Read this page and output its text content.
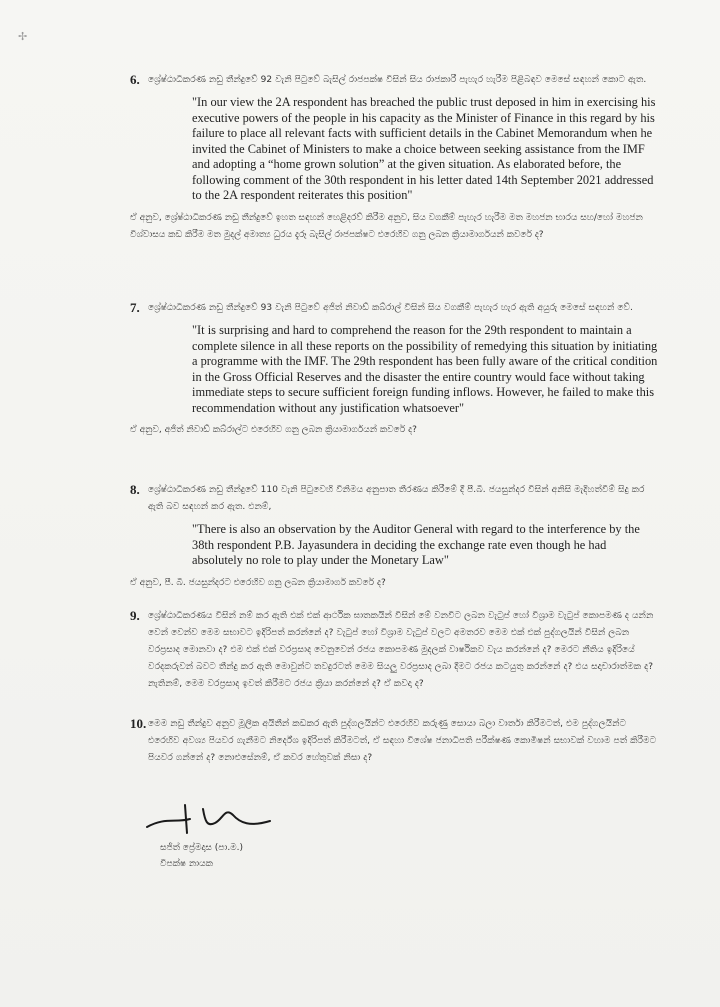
✢
6. ශ්‍රේෂ්ඨාධිකරණ නඩු තීන්දුවේ 92 වැනි පිටුවේ බැසිල් රාජපක්ෂ විසින් සිය රාජකාරී පැහැර හැරීම පිළිබඳව මෙසේ සඳහන් කොට ඇත.
"In our view the 2A respondent has breached the public trust deposed in him in exercising his executive powers of the people in his capacity as the Minister of Finance in this regard by his failure to place all relevant facts with sufficient details in the Cabinet Memorandum when he invited the Cabinet of Ministers to make a choice between seeking assistance from the IMF and adopting a “home grown solution” at the given situation. As elaborated before, the following comment of the 30th respondent in his letter dated 14th September 2021 addressed to the 2A respondent reiterates this position"
ඒ අනුව, ශ්‍රේෂ්ඨාධිකරණ නඩු තීන්දුවේ ඉහත සඳහන් හෙළිදරව් කිරීම අනුව, සිය වගකීම් පැහැර හැරීම මත මහජන භාරය සහ/හෝ මහජන විශ්වාසය කඩ කිරීම මත මුදල් අමාත්‍ය ධුරය දැරූ බැසිල් රාජපක්ෂට එරෙහිව ගනු ලබන ක්‍රියාමාර්ගයන් කවරේ ද?
7. ශ්‍රේෂ්ඨාධිකරණ නඩු තීන්දුවේ 93 වැනි පිටුවේ අජිත් නිවාඩ් කබ්රාල් විසින් සිය වගකීම් පැහැර හැර ඇති අයුරු මෙසේ සඳහන් වේ.
"It is surprising and hard to comprehend the reason for the 29th respondent to maintain a complete silence in all these reports on the possibility of remedying this situation by initiating a programme with the IMF. The 29th respondent has been fully aware of the critical condition in the Gross Official Reserves and the disaster the entire country would face without taking immediate steps to secure sufficient foreign funding inflows. However, he failed to make this recommendation without any justification whatsoever"
ඒ අනුව, අජිත් නිවාඩ් කබ්රාල්ට එරෙහිව ගනු ලබන ක්‍රියාමාර්ගයන් කවරේ ද?
8. ශ්‍රේෂ්ඨාධිකරණ නඩු තීන්දුවේ 110 වැනි පිටුවෙහි විනිමය අනුපාත තීරණය කිරීමේ දී පී.බී. ජයසුන්දර විසින් අනිසි මැදිහත්වීම් සිදු කර ඇති බව සඳහන් කර ඇත. එනම්,
"There is also an observation by the Auditor General with regard to the interference by the 38th respondent P.B. Jayasundera in deciding the exchange rate even though he had absolutely no role to play under the Monetary Law"
ඒ අනුව, පී. බී. ජයසුන්දරට එරෙහිව ගනු ලබන ක්‍රියාමාර්ග කවරේ ද?
9. ශ්‍රේෂ්ඨාධිකරණය විසින් නම් කර ඇති එක් එක් ආර්ථික ඝාතකයින් විසින් මේ වනවිට ලබන වැටුප් හෝ විශ්‍රාම වැටුප් කොපමණ ද යන්න වෙන් වෙන්ව මෙම සභාවට ඉදිරිපත් කරන්නේ ද? වැටුප් හෝ විශ්‍රාම වැටුප් වලට අමතරව මෙම එක් එක් පුද්ගලයින් විසින් ලබන වරප්‍රසාද මොනවා ද? එම එක් එක් වරප්‍රසාද වෙනුවෙන් රජය කොපමණ මුදලක් වාර්ෂිකව වැය කරන්නේ ද? මෙරට නීතිය ඉදිරියේ වරදකරුවන් බවට තීන්දු කර ඇති මොවුන්ට තවදුරටත් මෙම සියලු වරප්‍රසාද ලබා දීමට රජය කටයුතු කරන්නේ ද? එය සදාචාරාත්මක ද? නැතිනම්, මෙම වරප්‍රසාද ඉවත් කිරීමට රජය ක්‍රියා කරන්නේ ද? ඒ කවදා ද?
10. මෙම නඩු තීන්දුව අනුව මූලික අයිතීන් කඩකර ඇති පුද්ගලයින්ට එරෙහිව කරුණු සොයා බලා වාර්තා කිරීමටත්, එම පුද්ගලයින්ට එරෙහිව අවශ්‍ය පියවර ගැනීමට නිර්දේශ ඉදිරිපත් කිරීමටත්, ඒ සඳහා විශේෂ ජනාධිපති පරීක්ෂණ කොමිෂන් සභාවක් වහාම පත් කිරීමට පියවර ගන්නේ ද? නොඑසේනම්, ඒ කවර හේතුවක් නිසා ද?
සජිත් ප්‍රේමදාස (පා.ම.)
විපක්ෂ නායක
